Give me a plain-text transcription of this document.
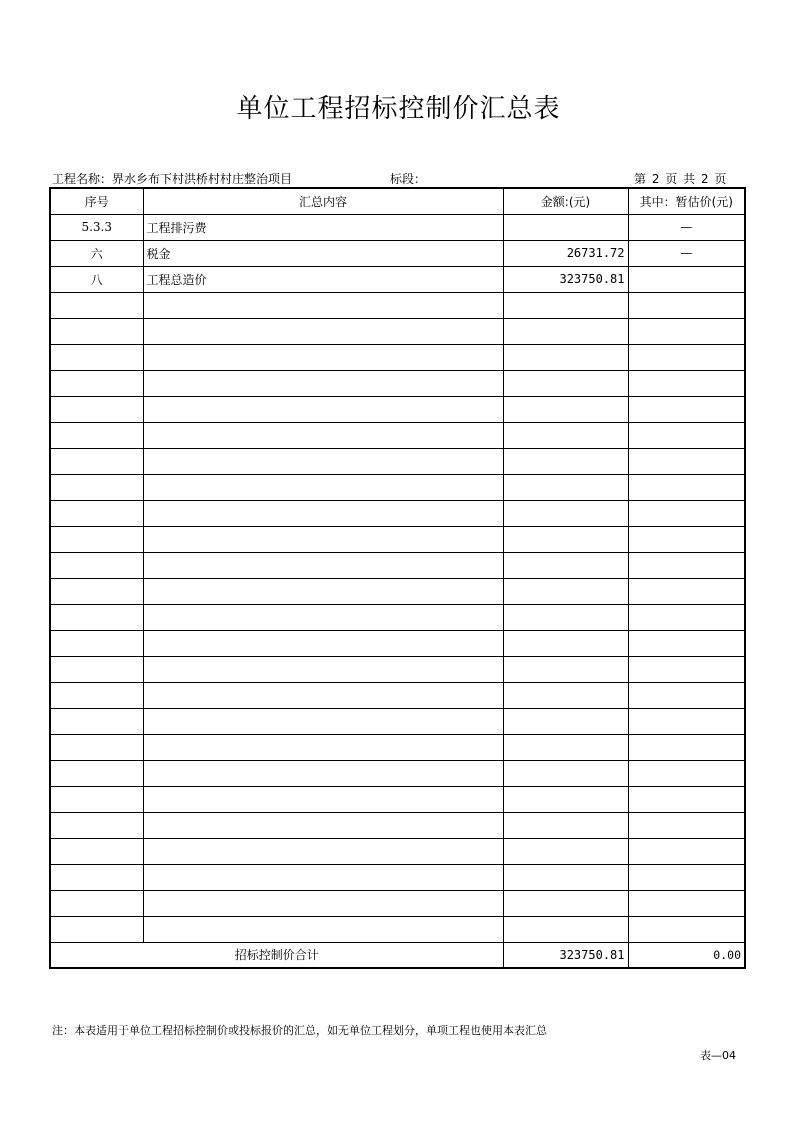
单位工程招标控制价汇总表
工程名称：界水乡布下村洪桥村村庄整治项目	标段：	第 2 页 共 2 页
序号	汇总内容	金额:(元)	其中：暂估价(元)
5.3.3	工程排污费		—
六	税金	26731.72	—
八	工程总造价	323750.81	

招标控制价合计		323750.81	0.00
注：本表适用于单位工程招标控制价或投标报价的汇总，如无单位工程划分，单项工程也使用本表汇总
表—04
